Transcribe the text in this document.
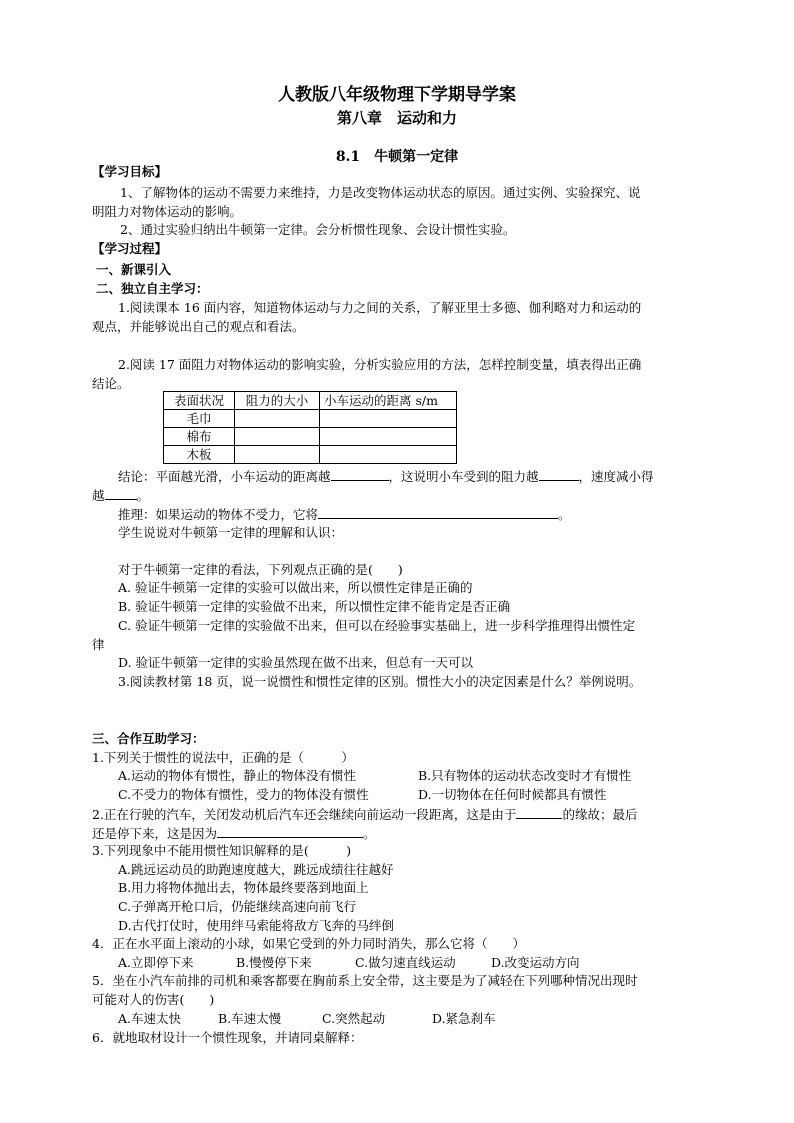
人教版八年级物理下学期导学案
第八章　运动和力
8.1　牛顿第一定律
【学习目标】
1、了解物体的运动不需要力来维持，力是改变物体运动状态的原因。通过实例、实验探究、说
明阻力对物体运动的影响。
2、通过实验归纳出牛顿第一定律。会分析惯性现象、会设计惯性实验。
【学习过程】
一、新课引入
二、独立自主学习：
1.阅读课本 16 面内容，知道物体运动与力之间的关系，了解亚里士多德、伽利略对力和运动的
观点，并能够说出自己的观点和看法。
2.阅读 17 面阻力对物体运动的影响实验，分析实验应用的方法，怎样控制变量，填表得出正确
结论。
表面状况	阻力的大小	小车运动的距离 s/m
毛巾		
棉布		
木板		
结论：平面越光滑，小车运动的距离越	，这说明小车受到的阻力越	，速度减小得
越	。
推理：如果运动的物体不受力，它将	。
学生说说对牛顿第一定律的理解和认识：
对于牛顿第一定律的看法，下列观点正确的是(　　)
A. 验证牛顿第一定律的实验可以做出来，所以惯性定律是正确的
B. 验证牛顿第一定律的实验做不出来，所以惯性定律不能肯定是否正确
C. 验证牛顿第一定律的实验做不出来，但可以在经验事实基础上，进一步科学推理得出惯性定
律
D. 验证牛顿第一定律的实验虽然现在做不出来，但总有一天可以
3.阅读教材第 18 页，说一说惯性和惯性定律的区别。惯性大小的决定因素是什么？举例说明。
三、合作互助学习：
1.下列关于惯性的说法中，正确的是（　　　）
A.运动的物体有惯性，静止的物体没有惯性	B.只有物体的运动状态改变时才有惯性
C.不受力的物体有惯性，受力的物体没有惯性	D.一切物体在任何时候都具有惯性
2.正在行驶的汽车，关闭发动机后汽车还会继续向前运动一段距离，这是由于	的缘故；最后
还是停下来，这是因为	。
3.下列现象中不能用惯性知识解释的是(　　　)
A.跳远运动员的助跑速度越大，跳远成绩往往越好
B.用力将物体抛出去，物体最终要落到地面上
C.子弹离开枪口后，仍能继续高速向前飞行
D.古代打仗时，使用绊马索能将敌方飞奔的马绊倒
4．正在水平面上滚动的小球，如果它受到的外力同时消失，那么它将（　　）
A.立即停下来	B.慢慢停下来	C.做匀速直线运动	D.改变运动方向
5．坐在小汽车前排的司机和乘客都要在胸前系上安全带，这主要是为了减轻在下列哪种情况出现时
可能对人的伤害(　　)
A.车速太快	B.车速太慢	C.突然起动	D.紧急刹车
6．就地取材设计一个惯性现象，并请同桌解释：
